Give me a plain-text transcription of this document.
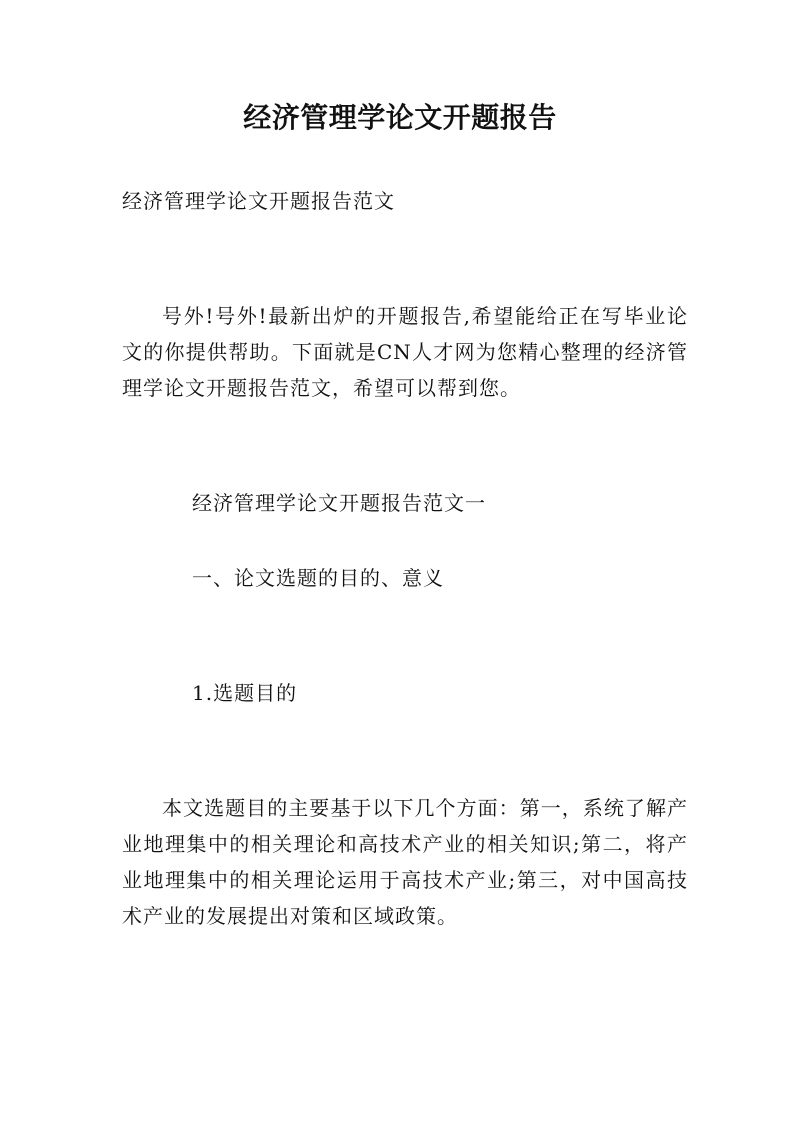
经济管理学论文开题报告
经济管理学论文开题报告范文

号外!号外!最新出炉的开题报告,希望能给正在写毕业论文的你提供帮助。下面就是CN人才网为您精心整理的经济管理学论文开题报告范文，希望可以帮到您。

经济管理学论文开题报告范文一
一、论文选题的目的、意义
1.选题目的

本文选题目的主要基于以下几个方面：第一，系统了解产业地理集中的相关理论和高技术产业的相关知识;第二，将产业地理集中的相关理论运用于高技术产业;第三，对中国高技术产业的发展提出对策和区域政策。
